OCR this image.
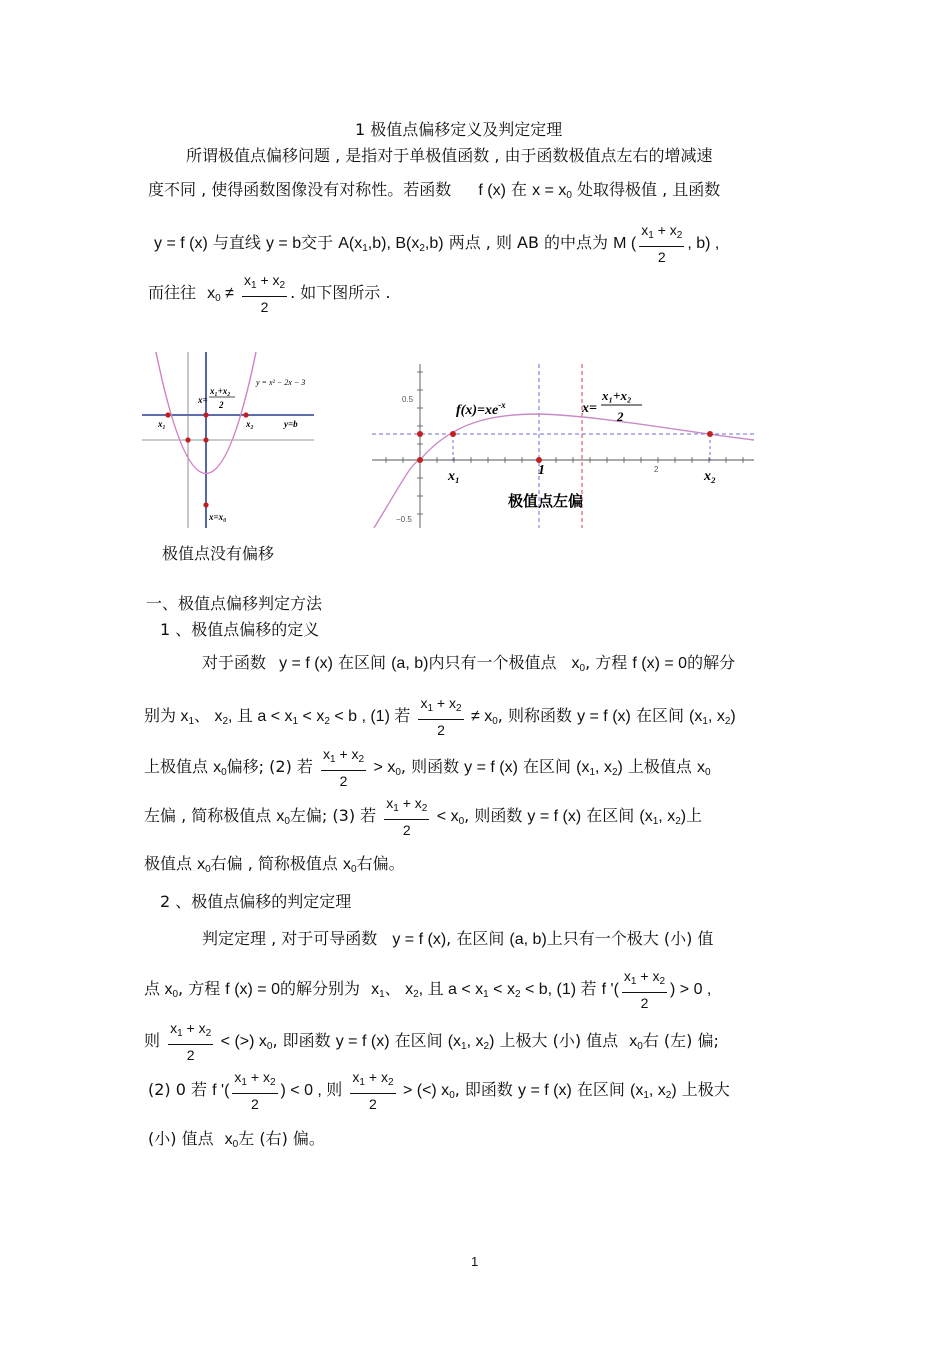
1 极值点偏移定义及判定定理
所谓极值点偏移问题 , 是指对于单极值函数 , 由于函数极值点左右的增减速
度不同 , 使得函数图像没有对称性。若函数 f (x) 在 $x = x_0$ 处取得极值 , 且函数
y = f (x) 与直线 y = b交于 $A(x_1,b)$, $B(x_2,b)$ 两点 , 则 AB 的中点为 M ( $\frac{x_1 + x_2}{2}$ , b) ,
而往往 $x_0 \ne \frac{x_1 + x_2}{2}$ . 如下图所示 .
y = x² − 2x − 3
x₁+x₂
2
x=
x₁	x₂	y=b
x=x₀
极值点没有偏移
0.5
−0.5
2
$f(x)=xe^{-x}$	x=
x₁+x₂
2
x₁	1	x₂
极值点左偏
一、极值点偏移判定方法
1 、极值点偏移的定义
对于函数 y = f (x) 在区间 (a, b)内只有一个极值点 $x_0$, 方程 f (x) = 0的解分
别为 $x_1$、 $x_2$, 且 $a < x_1 < x_2 < b$ , (1) 若 $\frac{x_1 + x_2}{2} \ne x_0$, 则称函数 y = f (x) 在区间 ($x_1$, $x_2$)
上极值点 $x_0$偏移; (2) 若 $\frac{x_1 + x_2}{2} > x_0$, 则函数 y = f (x) 在区间 ($x_1$, $x_2$) 上极值点 $x_0$
左偏 , 简称极值点 $x_0$左偏; (3) 若 $\frac{x_1 + x_2}{2} < x_0$, 则函数 y = f (x) 在区间 ($x_1$, $x_2$)上
极值点 $x_0$右偏 , 简称极值点 $x_0$右偏。
2 、极值点偏移的判定定理
判定定理 , 对于可导函数 y = f (x), 在区间 (a, b)上只有一个极大 (小) 值
点 $x_0$, 方程 f (x) = 0的解分别为 $x_1$、 $x_2$, 且 $a < x_1 < x_2 < b$, (1) 若 f '( $\frac{x_1 + x_2}{2}$ ) > 0 ,
则 $\frac{x_1 + x_2}{2}$ < (>) $x_0$, 即函数 y = f (x) 在区间 ($x_1$, $x_2$) 上极大 (小) 值点 $x_0$右 (左) 偏;
(2) 0 若 f '( $\frac{x_1 + x_2}{2}$ ) < 0 , 则 $\frac{x_1 + x_2}{2}$ > (<) $x_0$, 即函数 y = f (x) 在区间 ($x_1$, $x_2$) 上极大
(小) 值点 $x_0$左 (右) 偏。
1
